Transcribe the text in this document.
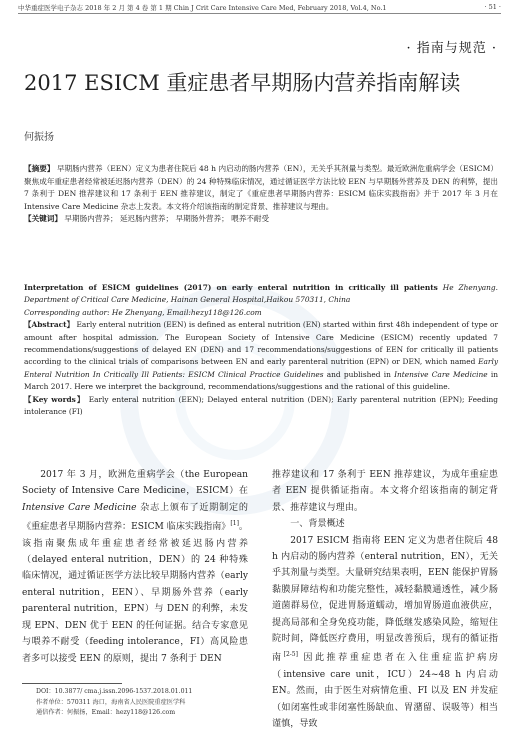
中华重症医学电子杂志 2018 年 2 月 第 4 卷 第 1 期 Chin J Crit Care Intensive Care Med, February 2018, Vol.4, No.1	· 51 ·
· 指南与规范 ·
2017 ESICM 重症患者早期肠内营养指南解读
何振扬
【摘要】 早期肠内营养（EEN）定义为患者住院后 48 h 内启动的肠内营养（EN），无关乎其剂量与类型。最近欧洲危重病学会（ESICM）聚焦成年重症患者经常被延迟肠内营养（DEN）的 24 种特殊临床情况，通过循证医学方法比较 EEN 与早期肠外营养及 DEN 的利弊，提出 7 条利于 DEN 推荐建议和 17 条利于 EEN 推荐建议，制定了《重症患者早期肠内营养：ESICM 临床实践指南》并于 2017 年 3 月在 Intensive Care Medicine 杂志上发表。本文将介绍该指南的制定背景、推荐建议与理由。
【关键词】 早期肠内营养； 延迟肠内营养； 早期肠外营养； 喂养不耐受
Interpretation of ESICM guidelines (2017) on early enteral nutrition in critically ill patients He Zhenyang. Department of Critical Care Medicine, Hainan General Hospital,Haikou 570311, China
Corresponding author: He Zhenyang, Email:hezy118@126.com
【Abstract】 Early enteral nutrition (EEN) is defined as enteral nutrition (EN) started within first 48h independent of type or amount after hospital admission. The European Society of Intensive Care Medicine (ESICM) recently updated 7 recommendations/suggestions of delayed EN (DEN) and 17 recommendations/suggestions of EEN for critically ill patients according to the clinical trials of comparisons between EN and early parenteral nutrition (EPN) or DEN, which named Early Enteral Nutrition In Critically Ill Patients: ESICM Clinical Practice Guidelines and published in Intensive Care Medicine in March 2017. Here we interpret the background, recommendations/suggestions and the rational of this guideline.
【Key words】 Early enteral nutrition (EEN); Delayed enteral nutrition (DEN); Early parenteral nutrition (EPN); Feeding intolerance (FI)
  2017 年 3 月，欧洲危重病学会（the European Society of Intensive Care Medicine，ESICM）在 Intensive Care Medicine 杂志上颁布了近期制定的《重症患者早期肠内营养：ESICM 临床实践指南》[1]。该指南聚焦成年重症患者经常被延迟肠内营养（delayed enteral nutrition，DEN）的 24 种特殊临床情况，通过循证医学方法比较早期肠内营养（early enteral nutrition，EEN）、早期肠外营养（early parenteral nutrition，EPN）与 DEN 的利弊，未发现 EPN、DEN 优于 EEN 的任何证据。结合专家意见与喂养不耐受（feeding intolerance，FI）高风险患者多可以接受 EEN 的原则，提出 7 条利于 DEN
推荐建议和 17 条利于 EEN 推荐建议，为成年重症患者 EEN 提供循证指南。本文将介绍该指南的制定背景、推荐建议与理由。
  一、背景概述
  2017 ESICM 指南将 EEN 定义为患者住院后 48 h 内启动的肠内营养（enteral nutrition，EN），无关乎其剂量与类型。大量研究结果表明，EEN 能保护胃肠黏膜屏障结构和功能完整性，减轻黏膜通透性，减少肠道菌群易位，促进胃肠道蠕动，增加胃肠道血液供应，提高局部和全身免疫功能，降低继发感染风险，缩短住院时间，降低医疗费用，明显改善预后，现有的循证指南[2-5] 因此推荐重症患者在入住重症监护病房（intensive care unit，ICU）24~48 h 内启动 EN。然而，由于医生对病情危重、FI 以及 EN 并发症（如闭塞性或非闭塞性肠缺血、胃潴留、误吸等）相当谨慎，导致
DOI：10.3877/ cma.j.issn.2096-1537.2018.01.011
作者单位：570311 海口，海南省人民医院重症医学科
通信作者：何振扬，Email：hezy118@126.com
